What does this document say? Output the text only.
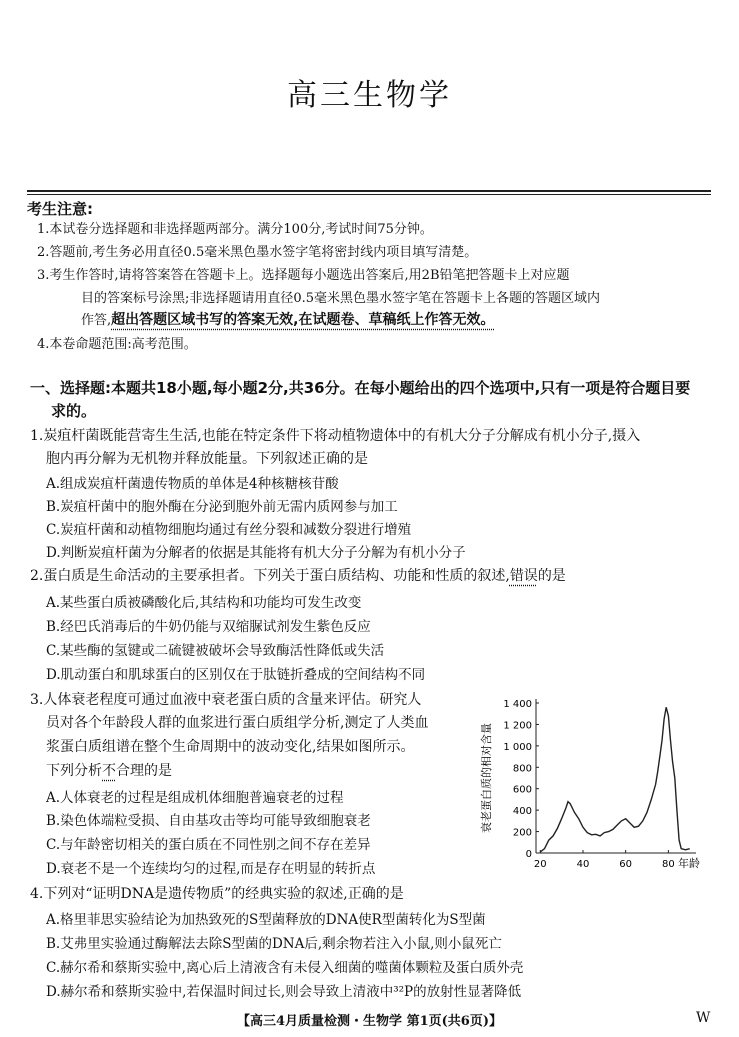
高三生物学
考生注意:
1.本试卷分选择题和非选择题两部分。满分100分,考试时间75分钟。
2.答题前,考生务必用直径0.5毫米黑色墨水签字笔将密封线内项目填写清楚。
3.考生作答时,请将答案答在答题卡上。选择题每小题选出答案后,用2B铅笔把答题卡上对应题
目的答案标号涂黑;非选择题请用直径0.5毫米黑色墨水签字笔在答题卡上各题的答题区域内
作答,超出答题区域书写的答案无效,在试题卷、草稿纸上作答无效。
4.本卷命题范围:高考范围。
一、选择题:本题共18小题,每小题2分,共36分。在每小题给出的四个选项中,只有一项是符合题目要
求的。
1.炭疽杆菌既能营寄生生活,也能在特定条件下将动植物遗体中的有机大分子分解成有机小分子,摄入
胞内再分解为无机物并释放能量。下列叙述正确的是
A.组成炭疽杆菌遗传物质的单体是4种核糖核苷酸
B.炭疽杆菌中的胞外酶在分泌到胞外前无需内质网参与加工
C.炭疽杆菌和动植物细胞均通过有丝分裂和减数分裂进行增殖
D.判断炭疽杆菌为分解者的依据是其能将有机大分子分解为有机小分子
2.蛋白质是生命活动的主要承担者。下列关于蛋白质结构、功能和性质的叙述,错误的是
A.某些蛋白质被磷酸化后,其结构和功能均可发生改变
B.经巴氏消毒后的牛奶仍能与双缩脲试剂发生紫色反应
C.某些酶的氢键或二硫键被破坏会导致酶活性降低或失活
D.肌动蛋白和肌球蛋白的区别仅在于肽链折叠成的空间结构不同
3.人体衰老程度可通过血液中衰老蛋白质的含量来评估。研究人
员对各个年龄段人群的血浆进行蛋白质组学分析,测定了人类血
浆蛋白质组谱在整个生命周期中的波动变化,结果如图所示。
下列分析不合理的是
A.人体衰老的过程是组成机体细胞普遍衰老的过程
B.染色体端粒受损、自由基攻击等均可能导致细胞衰老
C.与年龄密切相关的蛋白质在不同性别之间不存在差异
D.衰老不是一个连续均匀的过程,而是存在明显的转折点
0
200
400
600
800
1 000
1 200
1 400
20	40	60	80 年龄
衰老蛋白质的相对含量
4.下列对“证明DNA是遗传物质”的经典实验的叙述,正确的是
A.格里菲思实验结论为加热致死的S型菌释放的DNA使R型菌转化为S型菌
B.艾弗里实验通过酶解法去除S型菌的DNA后,剩余物若注入小鼠,则小鼠死亡
C.赫尔希和蔡斯实验中,离心后上清液含有未侵入细菌的噬菌体颗粒及蛋白质外壳
D.赫尔希和蔡斯实验中,若保温时间过长,则会导致上清液中³²P的放射性显著降低
【高三4月质量检测・生物学 第1页(共6页)】	W
